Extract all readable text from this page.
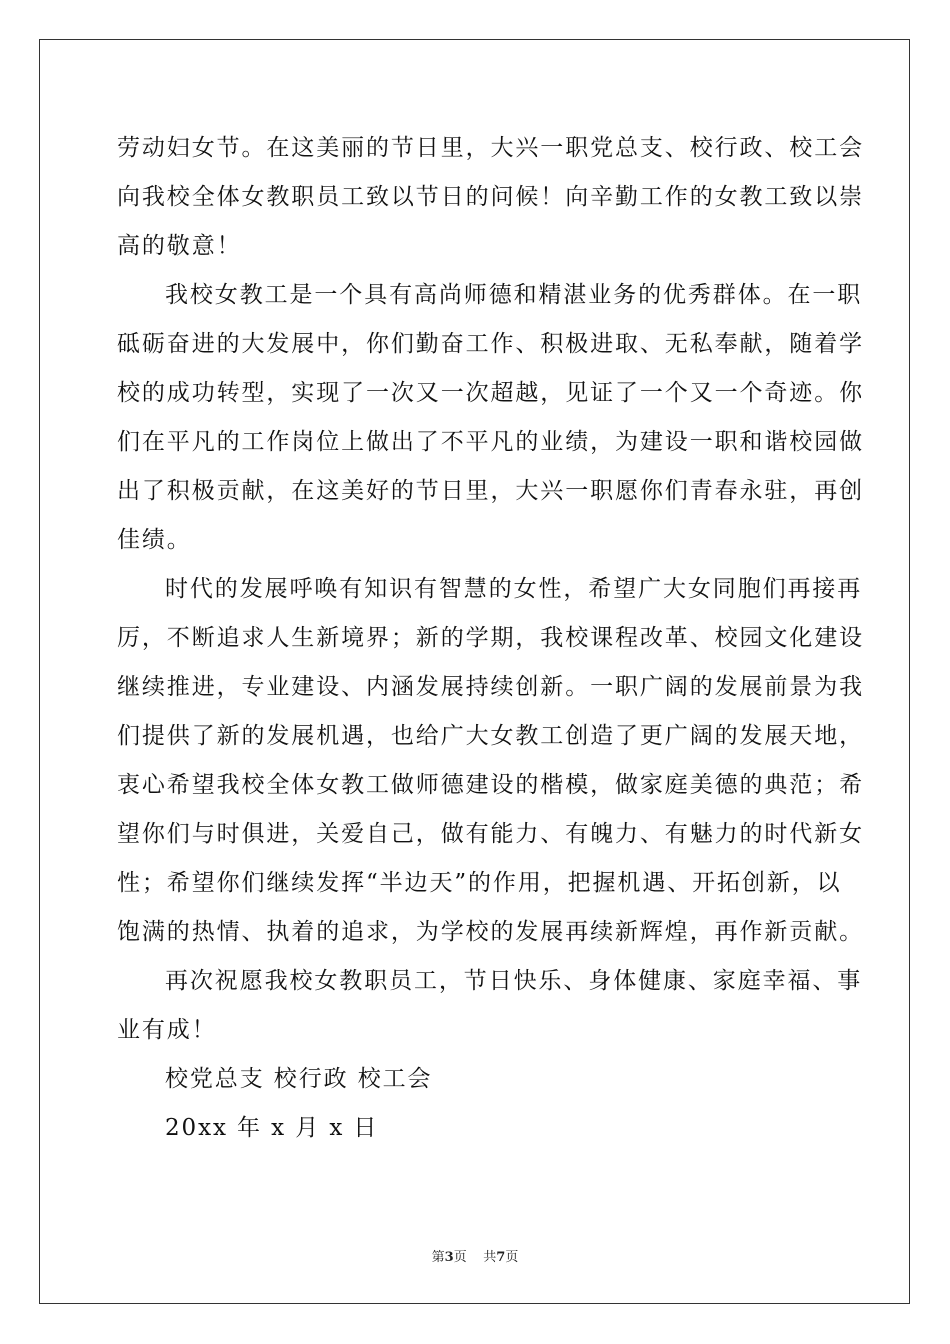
劳动妇女节。在这美丽的节日里，大兴一职党总支、校行政、校工会
向我校全体女教职员工致以节日的问候！向辛勤工作的女教工致以崇
高的敬意！
我校女教工是一个具有高尚师德和精湛业务的优秀群体。在一职
砥砺奋进的大发展中，你们勤奋工作、积极进取、无私奉献，随着学
校的成功转型，实现了一次又一次超越，见证了一个又一个奇迹。你
们在平凡的工作岗位上做出了不平凡的业绩，为建设一职和谐校园做
出了积极贡献，在这美好的节日里，大兴一职愿你们青春永驻，再创
佳绩。
时代的发展呼唤有知识有智慧的女性，希望广大女同胞们再接再
厉，不断追求人生新境界；新的学期，我校课程改革、校园文化建设
继续推进，专业建设、内涵发展持续创新。一职广阔的发展前景为我
们提供了新的发展机遇，也给广大女教工创造了更广阔的发展天地，
衷心希望我校全体女教工做师德建设的楷模，做家庭美德的典范；希
望你们与时俱进，关爱自己，做有能力、有魄力、有魅力的时代新女
性；希望你们继续发挥“半边天”的作用，把握机遇、开拓创新，以
饱满的热情、执着的追求，为学校的发展再续新辉煌，再作新贡献。
再次祝愿我校女教职员工，节日快乐、身体健康、家庭幸福、事
业有成！
校党总支 校行政 校工会
20xx 年 x 月 x 日
第3页 共7页
